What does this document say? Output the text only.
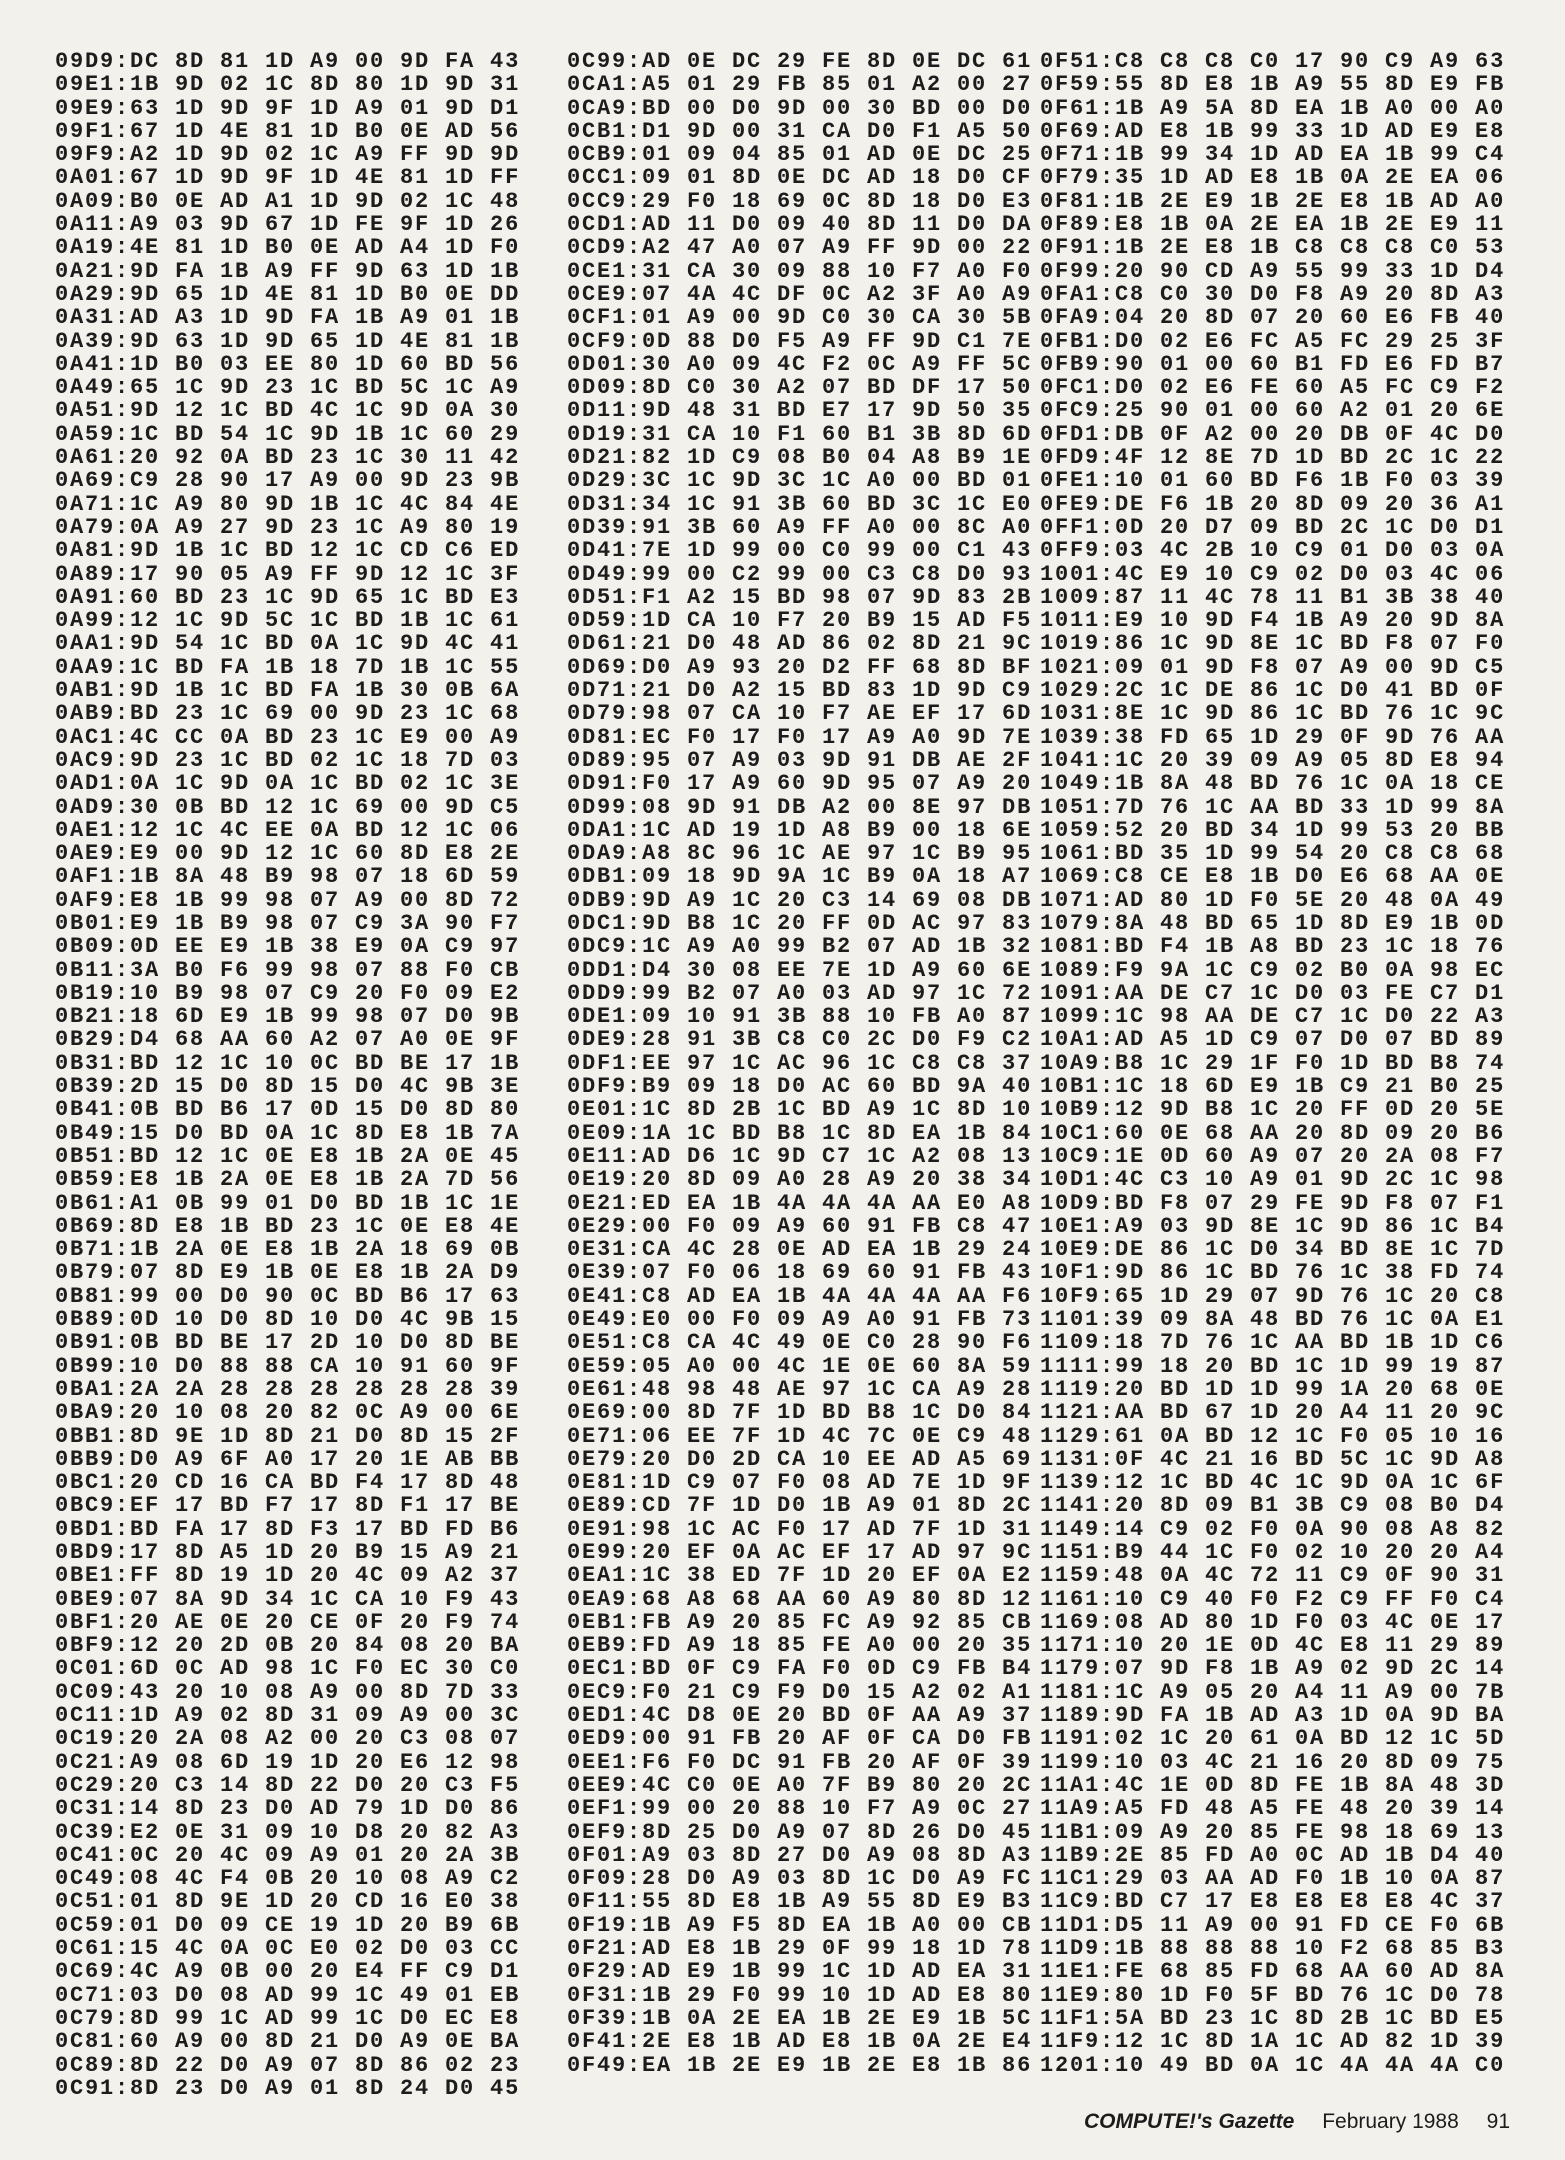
09D9:DC 8D 81 1D A9 00 9D FA 43
09E1:1B 9D 02 1C 8D 80 1D 9D 31
09E9:63 1D 9D 9F 1D A9 01 9D D1
09F1:67 1D 4E 81 1D B0 0E AD 56
09F9:A2 1D 9D 02 1C A9 FF 9D 9D
0A01:67 1D 9D 9F 1D 4E 81 1D FF
0A09:B0 0E AD A1 1D 9D 02 1C 48
0A11:A9 03 9D 67 1D FE 9F 1D 26
0A19:4E 81 1D B0 0E AD A4 1D F0
0A21:9D FA 1B A9 FF 9D 63 1D 1B
0A29:9D 65 1D 4E 81 1D B0 0E DD
0A31:AD A3 1D 9D FA 1B A9 01 1B
0A39:9D 63 1D 9D 65 1D 4E 81 1B
0A41:1D B0 03 EE 80 1D 60 BD 56
0A49:65 1C 9D 23 1C BD 5C 1C A9
0A51:9D 12 1C BD 4C 1C 9D 0A 30
0A59:1C BD 54 1C 9D 1B 1C 60 29
0A61:20 92 0A BD 23 1C 30 11 42
0A69:C9 28 90 17 A9 00 9D 23 9B
0A71:1C A9 80 9D 1B 1C 4C 84 4E
0A79:0A A9 27 9D 23 1C A9 80 19
0A81:9D 1B 1C BD 12 1C CD C6 ED
0A89:17 90 05 A9 FF 9D 12 1C 3F
0A91:60 BD 23 1C 9D 65 1C BD E3
0A99:12 1C 9D 5C 1C BD 1B 1C 61
0AA1:9D 54 1C BD 0A 1C 9D 4C 41
0AA9:1C BD FA 1B 18 7D 1B 1C 55
0AB1:9D 1B 1C BD FA 1B 30 0B 6A
0AB9:BD 23 1C 69 00 9D 23 1C 68
0AC1:4C CC 0A BD 23 1C E9 00 A9
0AC9:9D 23 1C BD 02 1C 18 7D 03
0AD1:0A 1C 9D 0A 1C BD 02 1C 3E
0AD9:30 0B BD 12 1C 69 00 9D C5
0AE1:12 1C 4C EE 0A BD 12 1C 06
0AE9:E9 00 9D 12 1C 60 8D E8 2E
0AF1:1B 8A 48 B9 98 07 18 6D 59
0AF9:E8 1B 99 98 07 A9 00 8D 72
0B01:E9 1B B9 98 07 C9 3A 90 F7
0B09:0D EE E9 1B 38 E9 0A C9 97
0B11:3A B0 F6 99 98 07 88 F0 CB
0B19:10 B9 98 07 C9 20 F0 09 E2
0B21:18 6D E9 1B 99 98 07 D0 9B
0B29:D4 68 AA 60 A2 07 A0 0E 9F
0B31:BD 12 1C 10 0C BD BE 17 1B
0B39:2D 15 D0 8D 15 D0 4C 9B 3E
0B41:0B BD B6 17 0D 15 D0 8D 80
0B49:15 D0 BD 0A 1C 8D E8 1B 7A
0B51:BD 12 1C 0E E8 1B 2A 0E 45
0B59:E8 1B 2A 0E E8 1B 2A 7D 56
0B61:A1 0B 99 01 D0 BD 1B 1C 1E
0B69:8D E8 1B BD 23 1C 0E E8 4E
0B71:1B 2A 0E E8 1B 2A 18 69 0B
0B79:07 8D E9 1B 0E E8 1B 2A D9
0B81:99 00 D0 90 0C BD B6 17 63
0B89:0D 10 D0 8D 10 D0 4C 9B 15
0B91:0B BD BE 17 2D 10 D0 8D BE
0B99:10 D0 88 88 CA 10 91 60 9F
0BA1:2A 2A 28 28 28 28 28 28 39
0BA9:20 10 08 20 82 0C A9 00 6E
0BB1:8D 9E 1D 8D 21 D0 8D 15 2F
0BB9:D0 A9 6F A0 17 20 1E AB BB
0BC1:20 CD 16 CA BD F4 17 8D 48
0BC9:EF 17 BD F7 17 8D F1 17 BE
0BD1:BD FA 17 8D F3 17 BD FD B6
0BD9:17 8D A5 1D 20 B9 15 A9 21
0BE1:FF 8D 19 1D 20 4C 09 A2 37
0BE9:07 8A 9D 34 1C CA 10 F9 43
0BF1:20 AE 0E 20 CE 0F 20 F9 74
0BF9:12 20 2D 0B 20 84 08 20 BA
0C01:6D 0C AD 98 1C F0 EC 30 C0
0C09:43 20 10 08 A9 00 8D 7D 33
0C11:1D A9 02 8D 31 09 A9 00 3C
0C19:20 2A 08 A2 00 20 C3 08 07
0C21:A9 08 6D 19 1D 20 E6 12 98
0C29:20 C3 14 8D 22 D0 20 C3 F5
0C31:14 8D 23 D0 AD 79 1D D0 86
0C39:E2 0E 31 09 10 D8 20 82 A3
0C41:0C 20 4C 09 A9 01 20 2A 3B
0C49:08 4C F4 0B 20 10 08 A9 C2
0C51:01 8D 9E 1D 20 CD 16 E0 38
0C59:01 D0 09 CE 19 1D 20 B9 6B
0C61:15 4C 0A 0C E0 02 D0 03 CC
0C69:4C A9 0B 00 20 E4 FF C9 D1
0C71:03 D0 08 AD 99 1C 49 01 EB
0C79:8D 99 1C AD 99 1C D0 EC E8
0C81:60 A9 00 8D 21 D0 A9 0E BA
0C89:8D 22 D0 A9 07 8D 86 02 23
0C91:8D 23 D0 A9 01 8D 24 D0 45
0C99:AD 0E DC 29 FE 8D 0E DC 61
0CA1:A5 01 29 FB 85 01 A2 00 27
0CA9:BD 00 D0 9D 00 30 BD 00 D0
0CB1:D1 9D 00 31 CA D0 F1 A5 50
0CB9:01 09 04 85 01 AD 0E DC 25
0CC1:09 01 8D 0E DC AD 18 D0 CF
0CC9:29 F0 18 69 0C 8D 18 D0 E3
0CD1:AD 11 D0 09 40 8D 11 D0 DA
0CD9:A2 47 A0 07 A9 FF 9D 00 22
0CE1:31 CA 30 09 88 10 F7 A0 F0
0CE9:07 4A 4C DF 0C A2 3F A0 A9
0CF1:01 A9 00 9D C0 30 CA 30 5B
0CF9:0D 88 D0 F5 A9 FF 9D C1 7E
0D01:30 A0 09 4C F2 0C A9 FF 5C
0D09:8D C0 30 A2 07 BD DF 17 50
0D11:9D 48 31 BD E7 17 9D 50 35
0D19:31 CA 10 F1 60 B1 3B 8D 6D
0D21:82 1D C9 08 B0 04 A8 B9 1E
0D29:3C 1C 9D 3C 1C A0 00 BD 01
0D31:34 1C 91 3B 60 BD 3C 1C E0
0D39:91 3B 60 A9 FF A0 00 8C A0
0D41:7E 1D 99 00 C0 99 00 C1 43
0D49:99 00 C2 99 00 C3 C8 D0 93
0D51:F1 A2 15 BD 98 07 9D 83 2B
0D59:1D CA 10 F7 20 B9 15 AD F5
0D61:21 D0 48 AD 86 02 8D 21 9C
0D69:D0 A9 93 20 D2 FF 68 8D BF
0D71:21 D0 A2 15 BD 83 1D 9D C9
0D79:98 07 CA 10 F7 AE EF 17 6D
0D81:EC F0 17 F0 17 A9 A0 9D 7E
0D89:95 07 A9 03 9D 91 DB AE 2F
0D91:F0 17 A9 60 9D 95 07 A9 20
0D99:08 9D 91 DB A2 00 8E 97 DB
0DA1:1C AD 19 1D A8 B9 00 18 6E
0DA9:A8 8C 96 1C AE 97 1C B9 95
0DB1:09 18 9D 9A 1C B9 0A 18 A7
0DB9:9D A9 1C 20 C3 14 69 08 DB
0DC1:9D B8 1C 20 FF 0D AC 97 83
0DC9:1C A9 A0 99 B2 07 AD 1B 32
0DD1:D4 30 08 EE 7E 1D A9 60 6E
0DD9:99 B2 07 A0 03 AD 97 1C 72
0DE1:09 10 91 3B 88 10 FB A0 87
0DE9:28 91 3B C8 C0 2C D0 F9 C2
0DF1:EE 97 1C AC 96 1C C8 C8 37
0DF9:B9 09 18 D0 AC 60 BD 9A 40
0E01:1C 8D 2B 1C BD A9 1C 8D 10
0E09:1A 1C BD B8 1C 8D EA 1B 84
0E11:AD D6 1C 9D C7 1C A2 08 13
0E19:20 8D 09 A0 28 A9 20 38 34
0E21:ED EA 1B 4A 4A 4A AA E0 A8
0E29:00 F0 09 A9 60 91 FB C8 47
0E31:CA 4C 28 0E AD EA 1B 29 24
0E39:07 F0 06 18 69 60 91 FB 43
0E41:C8 AD EA 1B 4A 4A 4A AA F6
0E49:E0 00 F0 09 A9 A0 91 FB 73
0E51:C8 CA 4C 49 0E C0 28 90 F6
0E59:05 A0 00 4C 1E 0E 60 8A 59
0E61:48 98 48 AE 97 1C CA A9 28
0E69:00 8D 7F 1D BD B8 1C D0 84
0E71:06 EE 7F 1D 4C 7C 0E C9 48
0E79:20 D0 2D CA 10 EE AD A5 69
0E81:1D C9 07 F0 08 AD 7E 1D 9F
0E89:CD 7F 1D D0 1B A9 01 8D 2C
0E91:98 1C AC F0 17 AD 7F 1D 31
0E99:20 EF 0A AC EF 17 AD 97 9C
0EA1:1C 38 ED 7F 1D 20 EF 0A E2
0EA9:68 A8 68 AA 60 A9 80 8D 12
0EB1:FB A9 20 85 FC A9 92 85 CB
0EB9:FD A9 18 85 FE A0 00 20 35
0EC1:BD 0F C9 FA F0 0D C9 FB B4
0EC9:F0 21 C9 F9 D0 15 A2 02 A1
0ED1:4C D8 0E 20 BD 0F AA A9 37
0ED9:00 91 FB 20 AF 0F CA D0 FB
0EE1:F6 F0 DC 91 FB 20 AF 0F 39
0EE9:4C C0 0E A0 7F B9 80 20 2C
0EF1:99 00 20 88 10 F7 A9 0C 27
0EF9:8D 25 D0 A9 07 8D 26 D0 45
0F01:A9 03 8D 27 D0 A9 08 8D A3
0F09:28 D0 A9 03 8D 1C D0 A9 FC
0F11:55 8D E8 1B A9 55 8D E9 B3
0F19:1B A9 F5 8D EA 1B A0 00 CB
0F21:AD E8 1B 29 0F 99 18 1D 78
0F29:AD E9 1B 99 1C 1D AD EA 31
0F31:1B 29 F0 99 10 1D AD E8 80
0F39:1B 0A 2E EA 1B 2E E9 1B 5C
0F41:2E E8 1B AD E8 1B 0A 2E E4
0F49:EA 1B 2E E9 1B 2E E8 1B 86
0F51:C8 C8 C8 C0 17 90 C9 A9 63
0F59:55 8D E8 1B A9 55 8D E9 FB
0F61:1B A9 5A 8D EA 1B A0 00 A0
0F69:AD E8 1B 99 33 1D AD E9 E8
0F71:1B 99 34 1D AD EA 1B 99 C4
0F79:35 1D AD E8 1B 0A 2E EA 06
0F81:1B 2E E9 1B 2E E8 1B AD A0
0F89:E8 1B 0A 2E EA 1B 2E E9 11
0F91:1B 2E E8 1B C8 C8 C8 C0 53
0F99:20 90 CD A9 55 99 33 1D D4
0FA1:C8 C0 30 D0 F8 A9 20 8D A3
0FA9:04 20 8D 07 20 60 E6 FB 40
0FB1:D0 02 E6 FC A5 FC 29 25 3F
0FB9:90 01 00 60 B1 FD E6 FD B7
0FC1:D0 02 E6 FE 60 A5 FC C9 F2
0FC9:25 90 01 00 60 A2 01 20 6E
0FD1:DB 0F A2 00 20 DB 0F 4C D0
0FD9:4F 12 8E 7D 1D BD 2C 1C 22
0FE1:10 01 60 BD F6 1B F0 03 39
0FE9:DE F6 1B 20 8D 09 20 36 A1
0FF1:0D 20 D7 09 BD 2C 1C D0 D1
0FF9:03 4C 2B 10 C9 01 D0 03 0A
1001:4C E9 10 C9 02 D0 03 4C 06
1009:87 11 4C 78 11 B1 3B 38 40
1011:E9 10 9D F4 1B A9 20 9D 8A
1019:86 1C 9D 8E 1C BD F8 07 F0
1021:09 01 9D F8 07 A9 00 9D C5
1029:2C 1C DE 86 1C D0 41 BD 0F
1031:8E 1C 9D 86 1C BD 76 1C 9C
1039:38 FD 65 1D 29 0F 9D 76 AA
1041:1C 20 39 09 A9 05 8D E8 94
1049:1B 8A 48 BD 76 1C 0A 18 CE
1051:7D 76 1C AA BD 33 1D 99 8A
1059:52 20 BD 34 1D 99 53 20 BB
1061:BD 35 1D 99 54 20 C8 C8 68
1069:C8 CE E8 1B D0 E6 68 AA 0E
1071:AD 80 1D F0 5E 20 48 0A 49
1079:8A 48 BD 65 1D 8D E9 1B 0D
1081:BD F4 1B A8 BD 23 1C 18 76
1089:F9 9A 1C C9 02 B0 0A 98 EC
1091:AA DE C7 1C D0 03 FE C7 D1
1099:1C 98 AA DE C7 1C D0 22 A3
10A1:AD A5 1D C9 07 D0 07 BD 89
10A9:B8 1C 29 1F F0 1D BD B8 74
10B1:1C 18 6D E9 1B C9 21 B0 25
10B9:12 9D B8 1C 20 FF 0D 20 5E
10C1:60 0E 68 AA 20 8D 09 20 B6
10C9:1E 0D 60 A9 07 20 2A 08 F7
10D1:4C C3 10 A9 01 9D 2C 1C 98
10D9:BD F8 07 29 FE 9D F8 07 F1
10E1:A9 03 9D 8E 1C 9D 86 1C B4
10E9:DE 86 1C D0 34 BD 8E 1C 7D
10F1:9D 86 1C BD 76 1C 38 FD 74
10F9:65 1D 29 07 9D 76 1C 20 C8
1101:39 09 8A 48 BD 76 1C 0A E1
1109:18 7D 76 1C AA BD 1B 1D C6
1111:99 18 20 BD 1C 1D 99 19 87
1119:20 BD 1D 1D 99 1A 20 68 0E
1121:AA BD 67 1D 20 A4 11 20 9C
1129:61 0A BD 12 1C F0 05 10 16
1131:0F 4C 21 16 BD 5C 1C 9D A8
1139:12 1C BD 4C 1C 9D 0A 1C 6F
1141:20 8D 09 B1 3B C9 08 B0 D4
1149:14 C9 02 F0 0A 90 08 A8 82
1151:B9 44 1C F0 02 10 20 20 A4
1159:48 0A 4C 72 11 C9 0F 90 31
1161:10 C9 40 F0 F2 C9 FF F0 C4
1169:08 AD 80 1D F0 03 4C 0E 17
1171:10 20 1E 0D 4C E8 11 29 89
1179:07 9D F8 1B A9 02 9D 2C 14
1181:1C A9 05 20 A4 11 A9 00 7B
1189:9D FA 1B AD A3 1D 0A 9D BA
1191:02 1C 20 61 0A BD 12 1C 5D
1199:10 03 4C 21 16 20 8D 09 75
11A1:4C 1E 0D 8D FE 1B 8A 48 3D
11A9:A5 FD 48 A5 FE 48 20 39 14
11B1:09 A9 20 85 FE 98 18 69 13
11B9:2E 85 FD A0 0C AD 1B D4 40
11C1:29 03 AA AD F0 1B 10 0A 87
11C9:BD C7 17 E8 E8 E8 E8 4C 37
11D1:D5 11 A9 00 91 FD CE F0 6B
11D9:1B 88 88 88 10 F2 68 85 B3
11E1:FE 68 85 FD 68 AA 60 AD 8A
11E9:80 1D F0 5F BD 76 1C D0 78
11F1:5A BD 23 1C 8D 2B 1C BD E5
11F9:12 1C 8D 1A 1C AD 82 1D 39
1201:10 49 BD 0A 1C 4A 4A 4A C0
COMPUTE!'s Gazette February 1988 91
